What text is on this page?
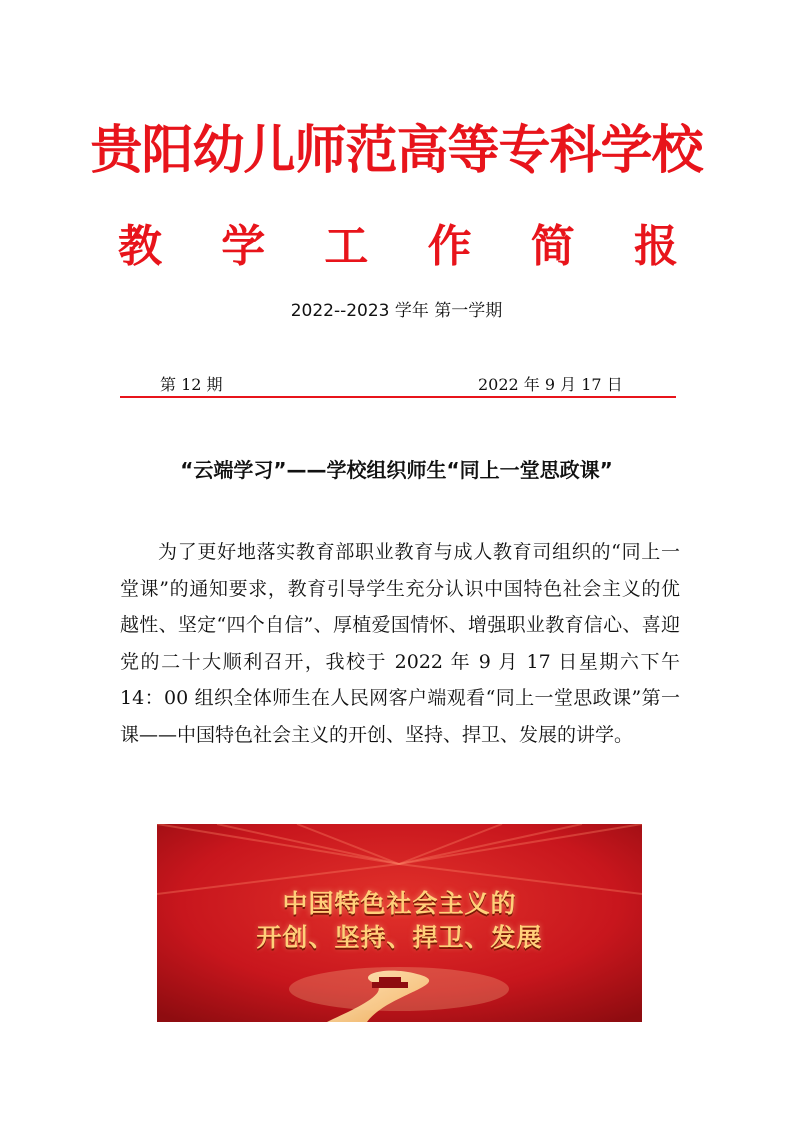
贵阳幼儿师范高等专科学校
教 学 工 作 简 报
2022--2023 学年 第一学期
第 12 期	2022 年 9 月 17 日
“云端学习”——学校组织师生“同上一堂思政课”
为了更好地落实教育部职业教育与成人教育司组织的“同上一堂课”的通知要求，教育引导学生充分认识中国特色社会主义的优越性、坚定“四个自信”、厚植爱国情怀、增强职业教育信心、喜迎党的二十大顺利召开，我校于 2022 年 9 月 17 日星期六下午 14：00 组织全体师生在人民网客户端观看“同上一堂思政课”第一课——中国特色社会主义的开创、坚持、捍卫、发展的讲学。
中国特色社会主义的
开创、坚持、捍卫、发展
